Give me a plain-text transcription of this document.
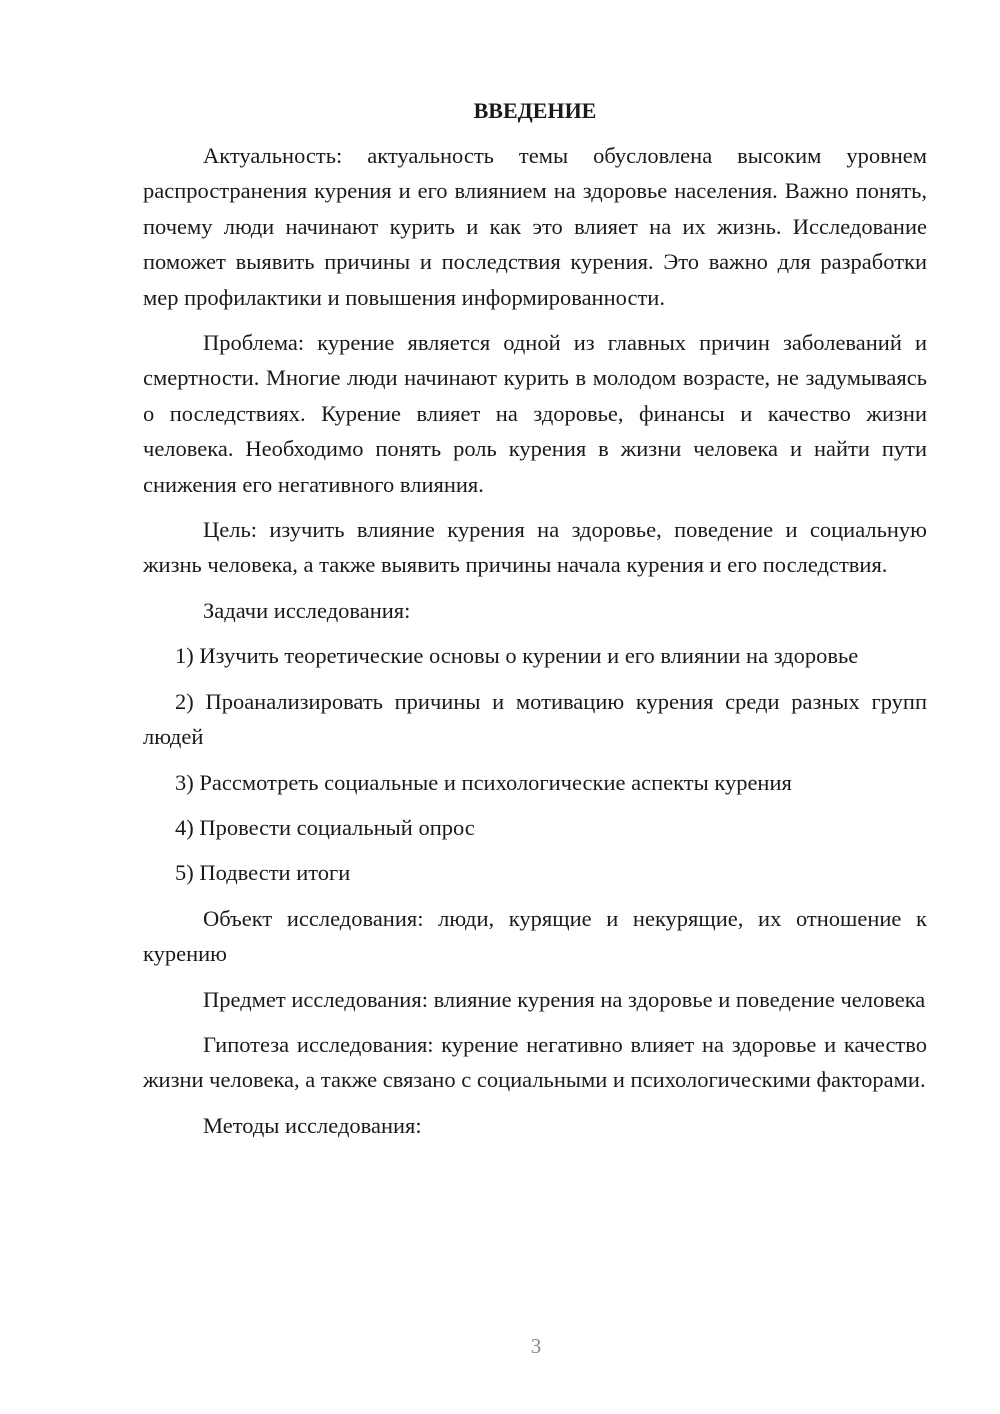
ВВЕДЕНИЕ

Актуальность: актуальность темы обусловлена высоким уровнем распространения курения и его влиянием на здоровье населения. Важно понять, почему люди начинают курить и как это влияет на их жизнь. Исследование поможет выявить причины и последствия курения. Это важно для разработки мер профилактики и повышения информированности.

Проблема: курение является одной из главных причин заболеваний и смертности. Многие люди начинают курить в молодом возрасте, не задумываясь о последствиях. Курение влияет на здоровье, финансы и качество жизни человека. Необходимо понять роль курения в жизни человека и найти пути снижения его негативного влияния.

Цель: изучить влияние курения на здоровье, поведение и социальную жизнь человека, а также выявить причины начала курения и его последствия.

Задачи исследования:

1) Изучить теоретические основы о курении и его влиянии на здоровье

2) Проанализировать причины и мотивацию курения среди разных групп людей

3) Рассмотреть социальные и психологические аспекты курения

4) Провести социальный опрос

5) Подвести итоги

Объект исследования: люди, курящие и некурящие, их отношение к курению

Предмет исследования: влияние курения на здоровье и поведение человека

Гипотеза исследования: курение негативно влияет на здоровье и качество жизни человека, а также связано с социальными и психологическими факторами.

Методы исследования:

3
